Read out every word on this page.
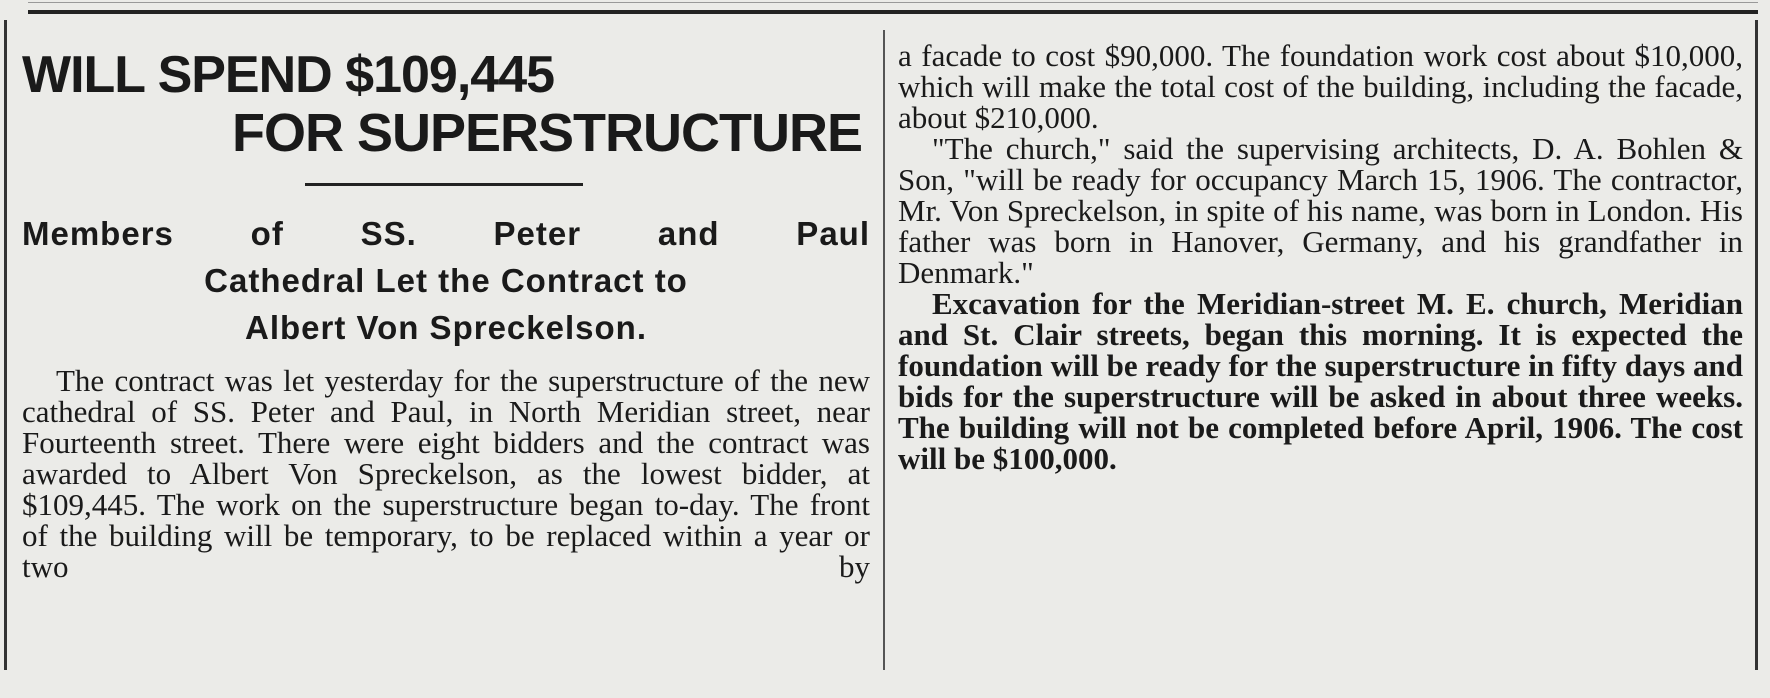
WILL SPEND $109,445
FOR SUPERSTRUCTURE
Members of SS. Peter and Paul
Cathedral Let the Contract to
Albert Von Spreckelson.

The contract was let yesterday for the superstructure of the new cathedral of SS. Peter and Paul, in North Meridian street, near Fourteenth street. There were eight bidders and the contract was awarded to Albert Von Spreckelson, as the lowest bidder, at $109,445. The work on the superstructure began to-day. The front of the building will be temporary, to be replaced within a year or two by

a facade to cost $90,000. The foundation work cost about $10,000, which will make the total cost of the building, including the facade, about $210,000.

"The church," said the supervising architects, D. A. Bohlen & Son, "will be ready for occupancy March 15, 1906. The contractor, Mr. Von Spreckelson, in spite of his name, was born in London. His father was born in Hanover, Germany, and his grandfather in Denmark."

Excavation for the Meridian-street M. E. church, Meridian and St. Clair streets, began this morning. It is expected the foundation will be ready for the superstructure in fifty days and bids for the superstructure will be asked in about three weeks. The building will not be completed before April, 1906. The cost will be $100,000.
